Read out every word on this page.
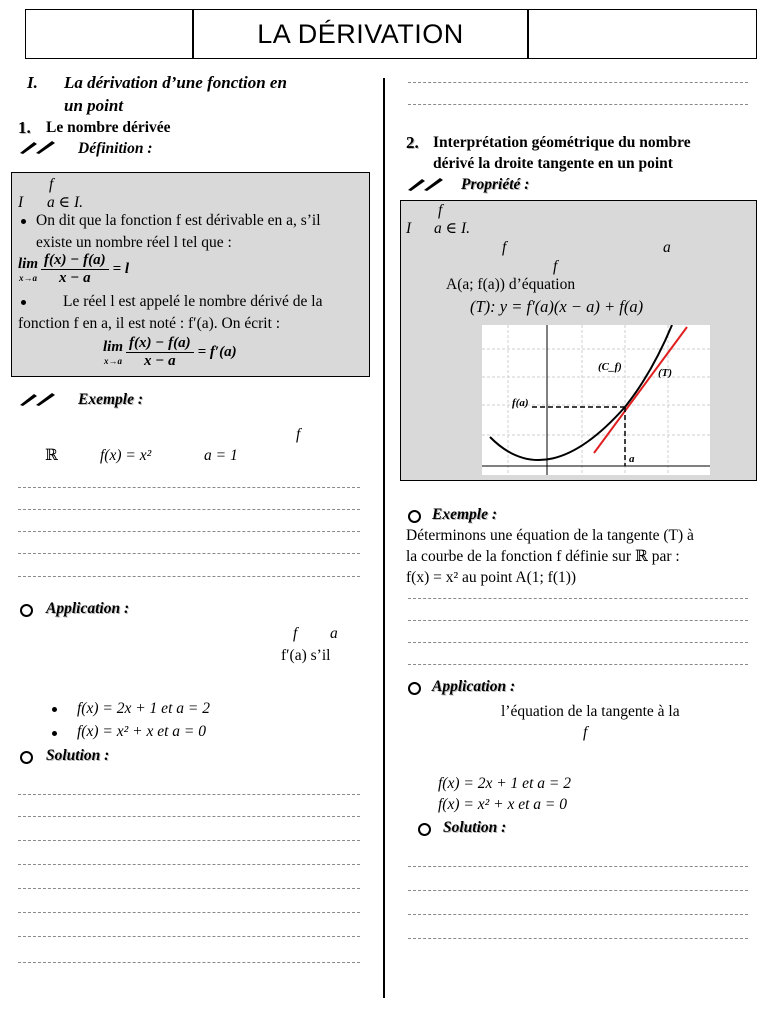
LA DÉRIVATION
I. La dérivation d’une fonction en
un point
1. Le nombre dérivée
Définition :
f
I a ∈ I.
On dit que la fonction f est dérivable en a, s’il
existe un nombre réel l tel que :
lim
$x\to a \frac{f(x) - f(a)}{x - a} = l$
Le réel l est appelé le nombre dérivé de la
fonction f en a, il est noté : f′(a). On écrit :
lim
$x\to a \frac{f(x) - f(a)}{x - a} = f'(a)$
Exemple :
f
ℝ	f(x) = x²	a = 1
Application :
f a
f′(a) s’il
f(x) = 2x + 1 et a = 2
f(x) = x² + x et a = 0
Solution :
2. Interprétation géométrique du nombre
dérivé la droite tangente en un point
Propriété :
f
I a ∈ I.
f	a
f
A(a; f(a)) d’équation
(T): y = f′(a)(x − a) + f(a)
(C_f)	(T)
f(a)
a
Exemple :
Déterminons une équation de la tangente (T) à
la courbe de la fonction f définie sur ℝ par :
f(x) = x² au point A(1; f(1))
Application :
l’équation de la tangente à la
f
f(x) = 2x + 1 et a = 2
f(x) = x² + x et a = 0
Solution :
